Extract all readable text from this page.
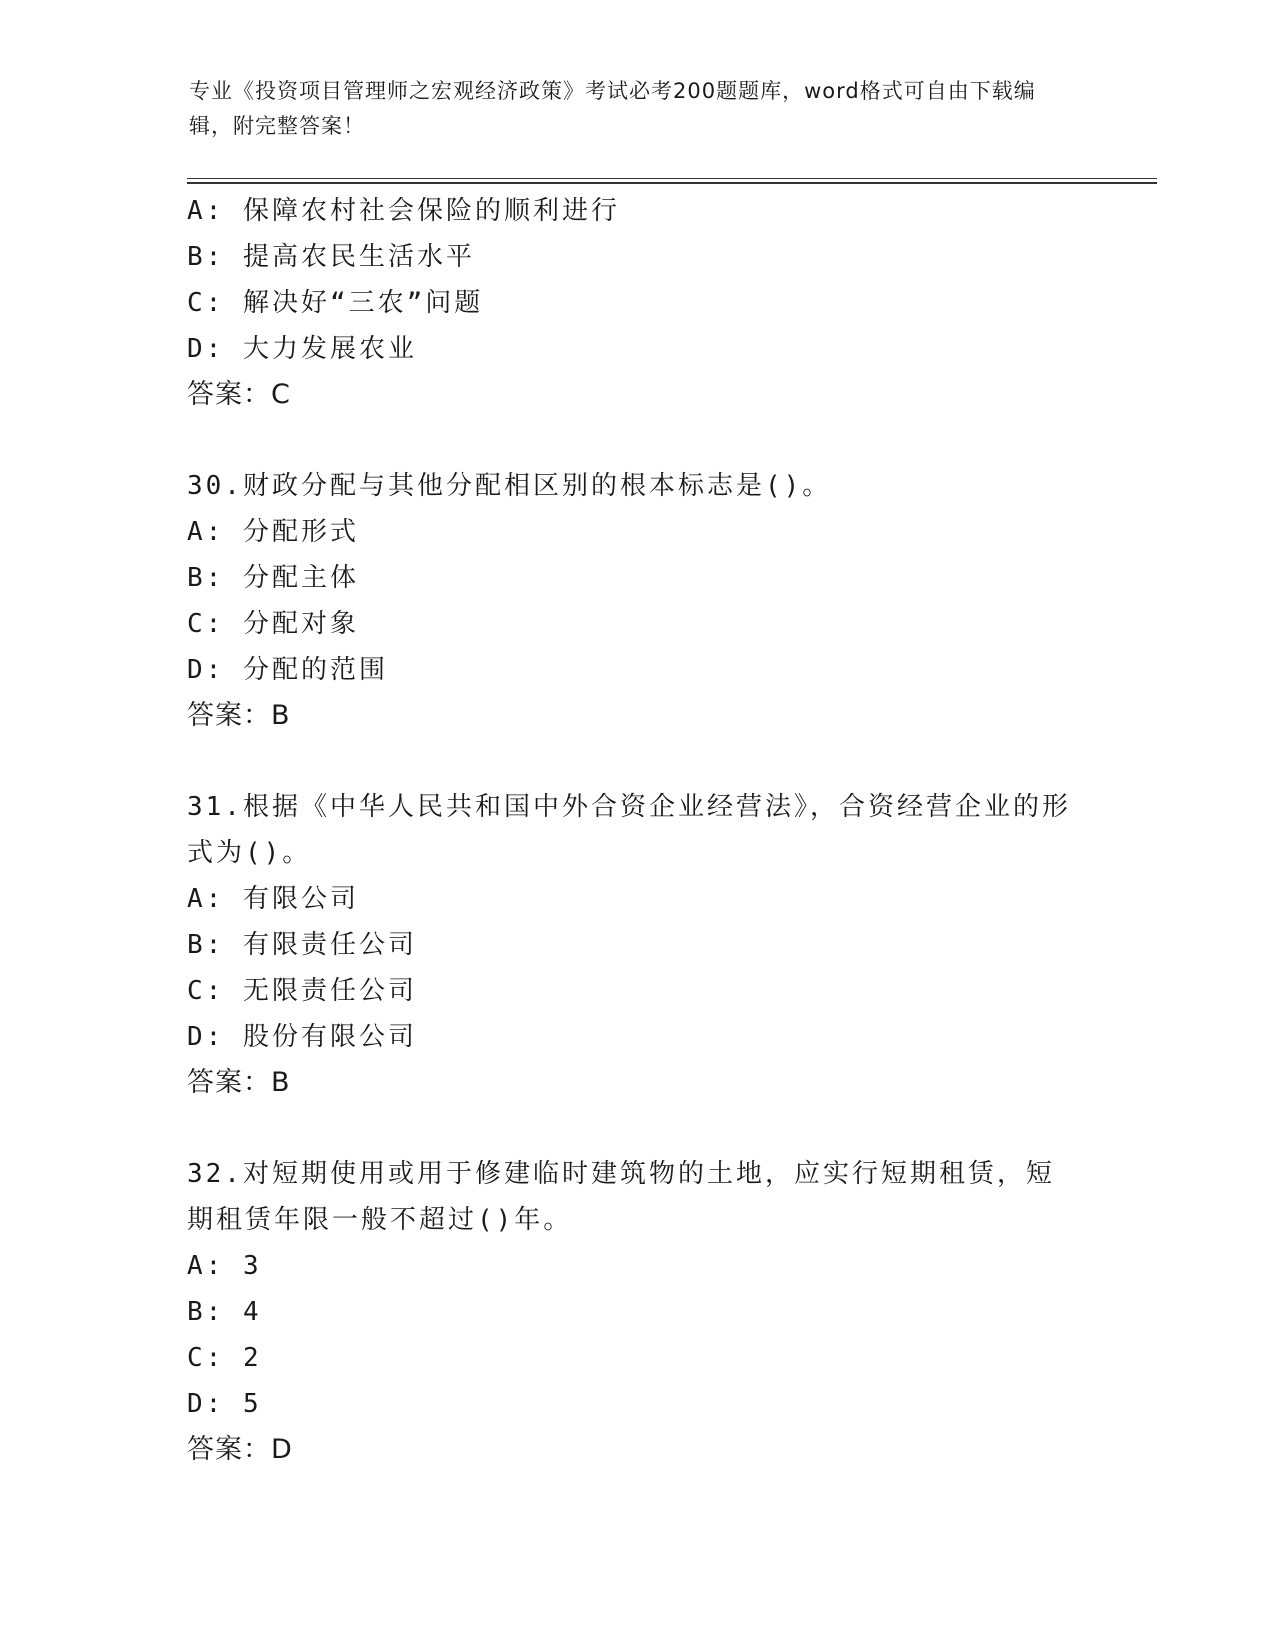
专业《投资项目管理师之宏观经济政策》考试必考200题题库，word格式可自由下载编辑，附完整答案！
A: 保障农村社会保险的顺利进行
B: 提高农民生活水平
C: 解决好“三农”问题
D: 大力发展农业
答案：C
30.财政分配与其他分配相区别的根本标志是()。
A: 分配形式
B: 分配主体
C: 分配对象
D: 分配的范围
答案：B
31.根据《中华人民共和国中外合资企业经营法》，合资经营企业的形式为()。
A: 有限公司
B: 有限责任公司
C: 无限责任公司
D: 股份有限公司
答案：B
32.对短期使用或用于修建临时建筑物的土地，应实行短期租赁，短期租赁年限一般不超过()年。
A: 3
B: 4
C: 2
D: 5
答案：D
